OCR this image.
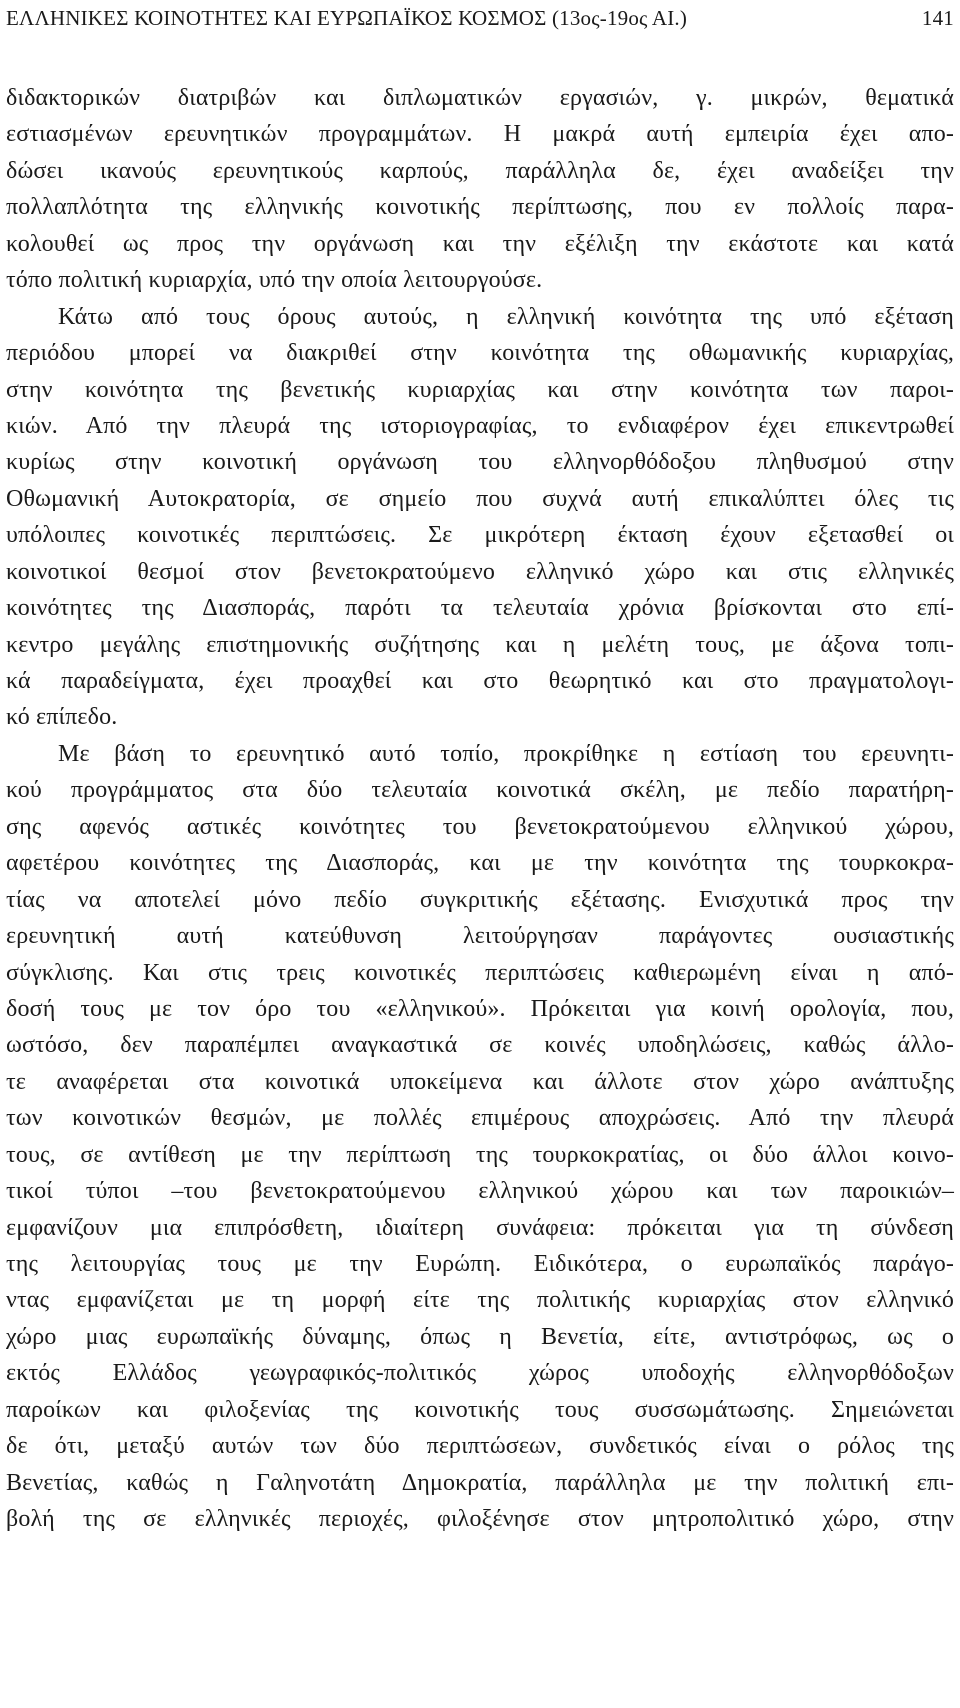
ΕΛΛΗΝΙΚΕΣ ΚΟΙΝΟΤΗΤΕΣ ΚΑΙ ΕΥΡΩΠΑΪΚΟΣ ΚΟΣΜΟΣ (13ος-19ος ΑΙ.)	141
διδακτορικών διατριβών και διπλωματικών εργασιών, γ. μικρών, θεματικά
εστιασμένων ερευνητικών προγραμμάτων. Η μακρά αυτή εμπειρία έχει απο-
δώσει ικανούς ερευνητικούς καρπούς, παράλληλα δε, έχει αναδείξει την
πολλαπλότητα της ελληνικής κοινοτικής περίπτωσης, που εν πολλοίς παρα-
κολουθεί ως προς την οργάνωση και την εξέλιξη την εκάστοτε και κατά
τόπο πολιτική κυριαρχία, υπό την οποία λειτουργούσε.
Κάτω από τους όρους αυτούς, η ελληνική κοινότητα της υπό εξέταση
περιόδου μπορεί να διακριθεί στην κοινότητα της οθωμανικής κυριαρχίας,
στην κοινότητα της βενετικής κυριαρχίας και στην κοινότητα των παροι-
κιών. Από την πλευρά της ιστοριογραφίας, το ενδιαφέρον έχει επικεντρωθεί
κυρίως στην κοινοτική οργάνωση του ελληνορθόδοξου πληθυσμού στην
Οθωμανική Αυτοκρατορία, σε σημείο που συχνά αυτή επικαλύπτει όλες τις
υπόλοιπες κοινοτικές περιπτώσεις. Σε μικρότερη έκταση έχουν εξετασθεί οι
κοινοτικοί θεσμοί στον βενετοκρατούμενο ελληνικό χώρο και στις ελληνικές
κοινότητες της Διασποράς, παρότι τα τελευταία χρόνια βρίσκονται στο επί-
κεντρο μεγάλης επιστημονικής συζήτησης και η μελέτη τους, με άξονα τοπι-
κά παραδείγματα, έχει προαχθεί και στο θεωρητικό και στο πραγματολογι-
κό επίπεδο.
Με βάση το ερευνητικό αυτό τοπίο, προκρίθηκε η εστίαση του ερευνητι-
κού προγράμματος στα δύο τελευταία κοινοτικά σκέλη, με πεδίο παρατήρη-
σης αφενός αστικές κοινότητες του βενετοκρατούμενου ελληνικού χώρου,
αφετέρου κοινότητες της Διασποράς, και με την κοινότητα της τουρκοκρα-
τίας να αποτελεί μόνο πεδίο συγκριτικής εξέτασης. Ενισχυτικά προς την
ερευνητική αυτή κατεύθυνση λειτούργησαν παράγοντες ουσιαστικής
σύγκλισης. Και στις τρεις κοινοτικές περιπτώσεις καθιερωμένη είναι η από-
δοσή τους με τον όρο του «ελληνικού». Πρόκειται για κοινή ορολογία, που,
ωστόσο, δεν παραπέμπει αναγκαστικά σε κοινές υποδηλώσεις, καθώς άλλο-
τε αναφέρεται στα κοινοτικά υποκείμενα και άλλοτε στον χώρο ανάπτυξης
των κοινοτικών θεσμών, με πολλές επιμέρους αποχρώσεις. Από την πλευρά
τους, σε αντίθεση με την περίπτωση της τουρκοκρατίας, οι δύο άλλοι κοινο-
τικοί τύποι –του βενετοκρατούμενου ελληνικού χώρου και των παροικιών–
εμφανίζουν μια επιπρόσθετη, ιδιαίτερη συνάφεια: πρόκειται για τη σύνδεση
της λειτουργίας τους με την Ευρώπη. Ειδικότερα, ο ευρωπαϊκός παράγο-
ντας εμφανίζεται με τη μορφή είτε της πολιτικής κυριαρχίας στον ελληνικό
χώρο μιας ευρωπαϊκής δύναμης, όπως η Βενετία, είτε, αντιστρόφως, ως ο
εκτός Ελλάδος γεωγραφικός-πολιτικός χώρος υποδοχής ελληνορθόδοξων
παροίκων και φιλοξενίας της κοινοτικής τους συσσωμάτωσης. Σημειώνεται
δε ότι, μεταξύ αυτών των δύο περιπτώσεων, συνδετικός είναι ο ρόλος της
Βενετίας, καθώς η Γαληνοτάτη Δημοκρατία, παράλληλα με την πολιτική επι-
βολή της σε ελληνικές περιοχές, φιλοξένησε στον μητροπολιτικό χώρο, στην
